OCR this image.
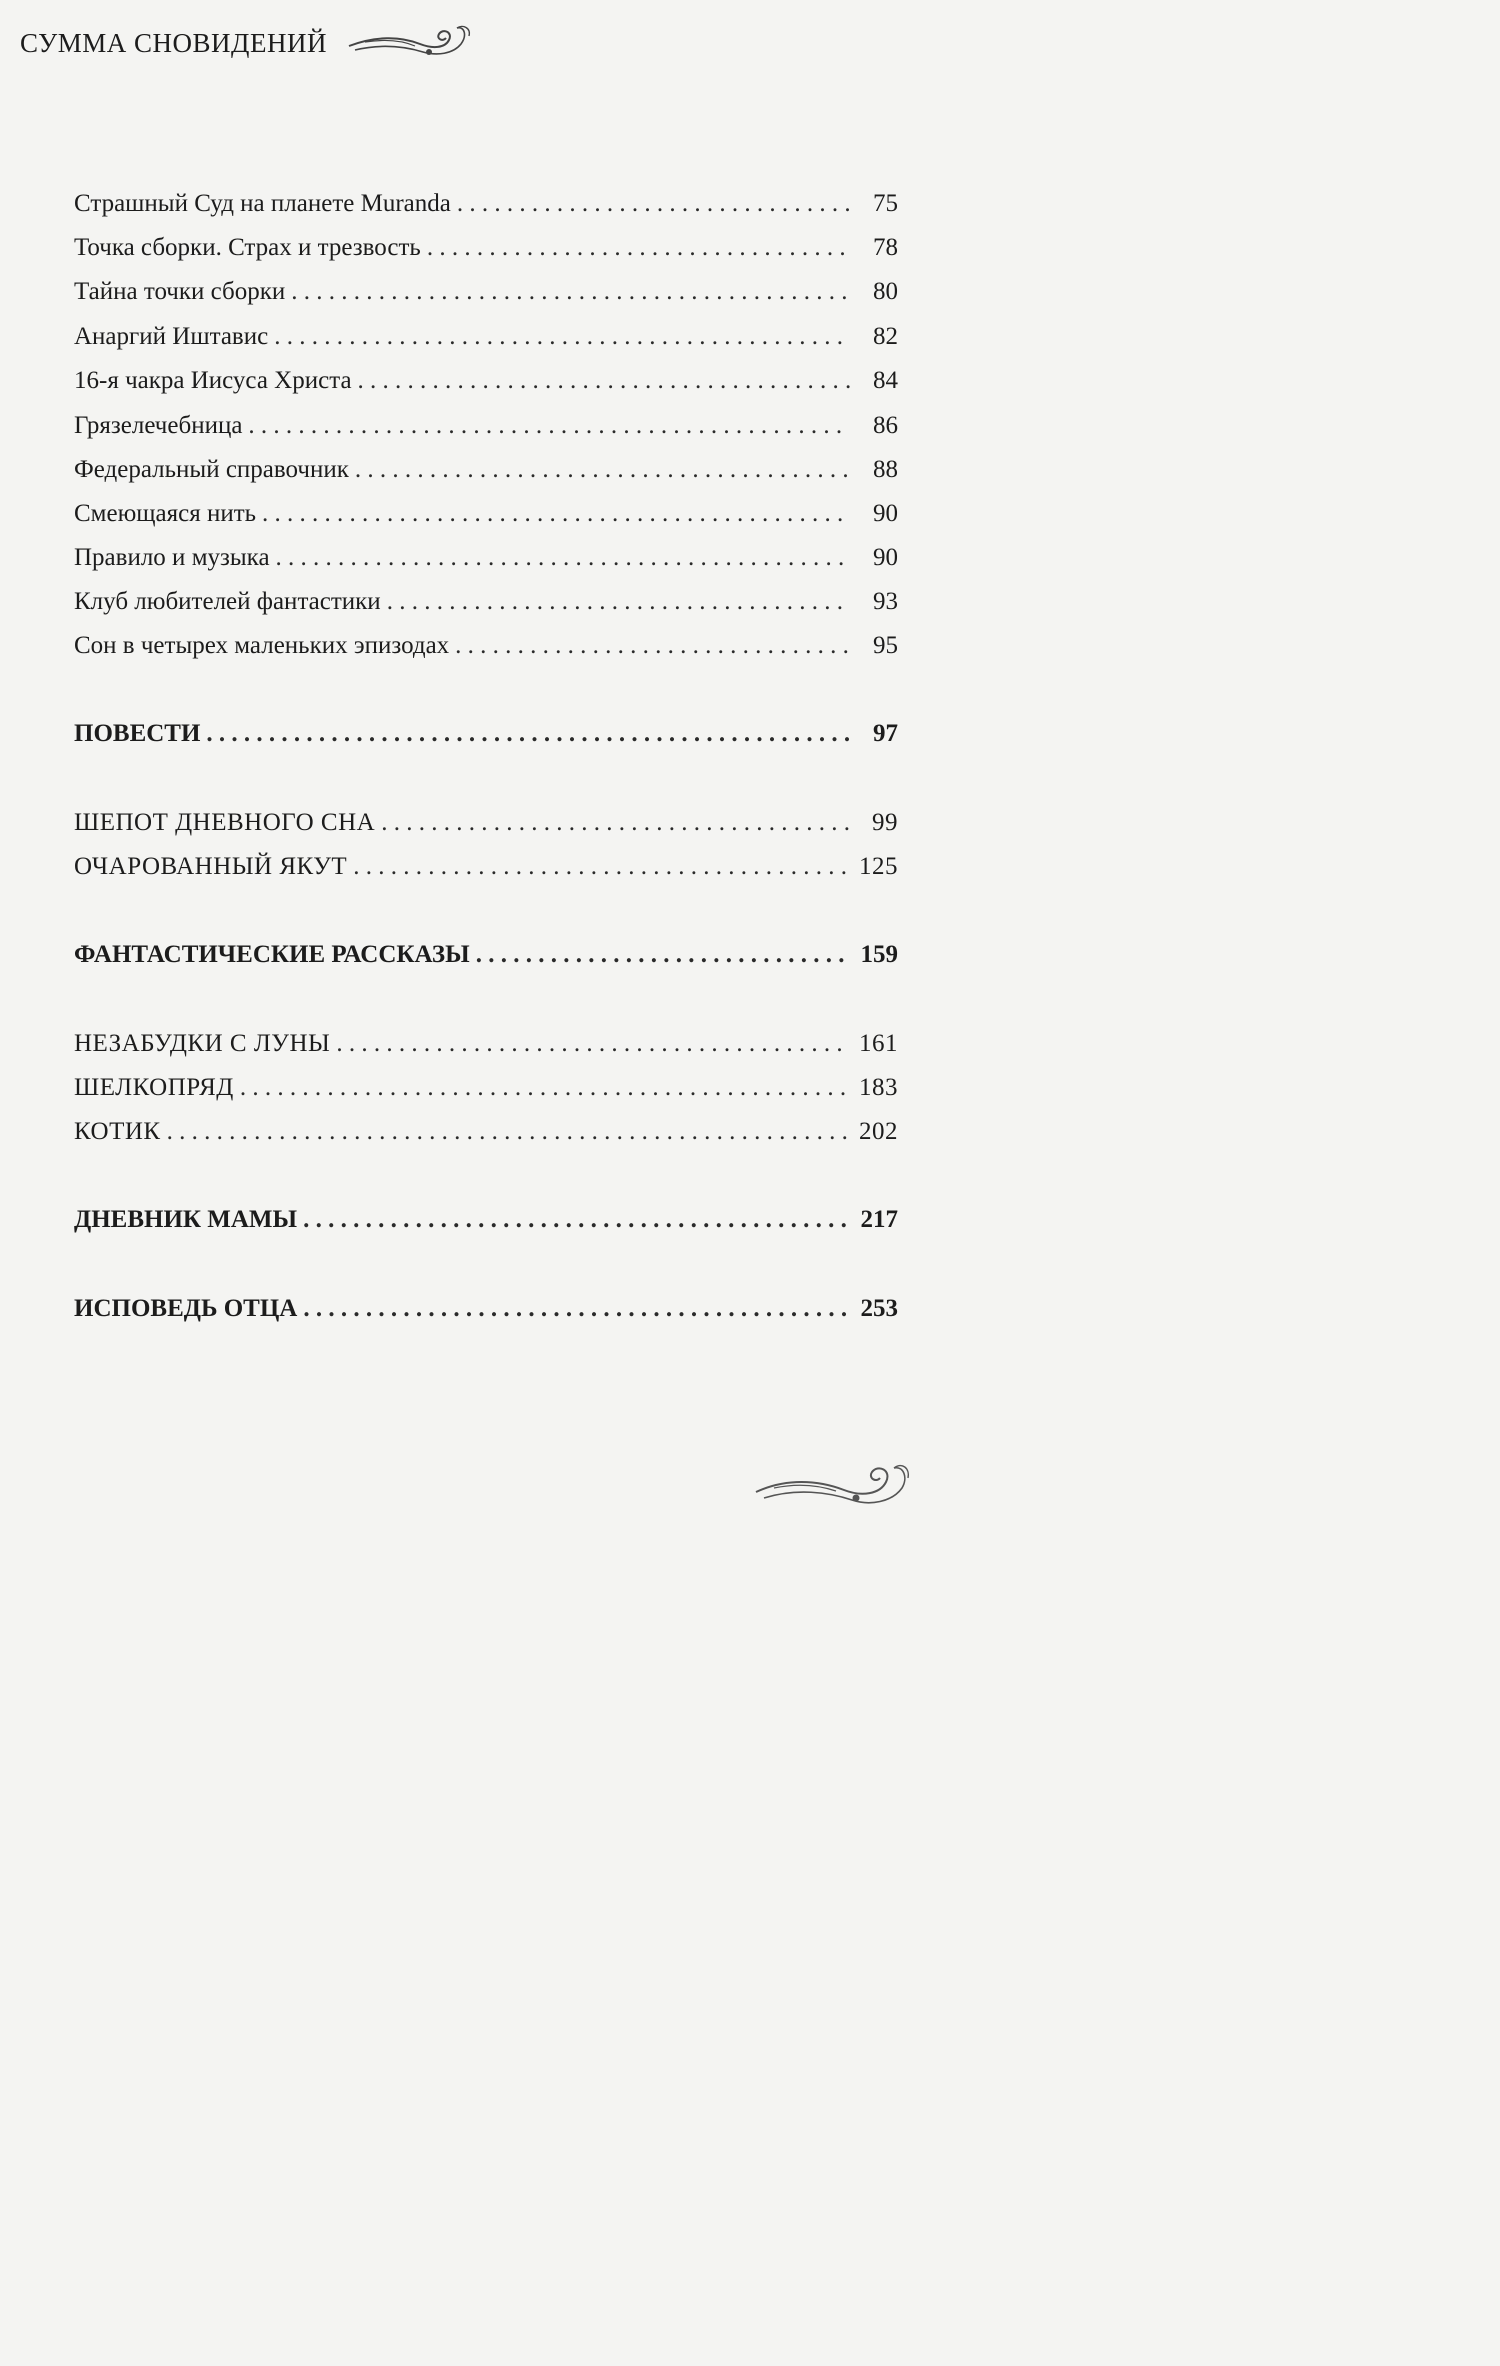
СУММА СНОВИДЕНИЙ
Страшный Суд на планете Muranda . . .	75
Точка сборки. Страх и трезвость . . .	78
Тайна точки сборки . . .	80
Анаргий Иштавис . . .	82
16-я чакра Иисуса Христа . . .	84
Грязелечебница . . .	86
Федеральный справочник . . .	88
Смеющаяся нить . . .	90
Правило и музыка . . .	90
Клуб любителей фантастики . . .	93
Сон в четырех маленьких эпизодах . . .	95
ПОВЕСТИ . . .	97
ШЕПОТ ДНЕВНОГО СНА . . .	99
ОЧАРОВАННЫЙ ЯКУТ . . .	125
ФАНТАСТИЧЕСКИЕ РАССКАЗЫ . . .	159
НЕЗАБУДКИ С ЛУНЫ . . .	161
ШЕЛКОПРЯД . . .	183
КОТИК . . .	202
ДНЕВНИК МАМЫ . . .	217
ИСПОВЕДЬ ОТЦА . . .	253
